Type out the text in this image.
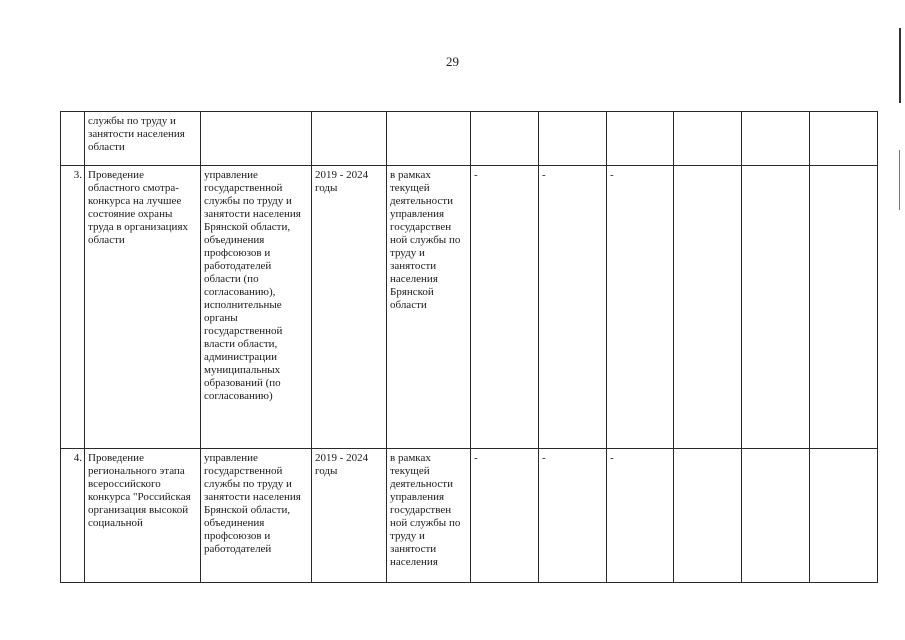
29
	службы по труду и занятости населения области									
3.	Проведение областного смотра-конкурса на лучшее состояние охраны труда в организациях области	управление государственной службы по труду и занятости населения Брянской области, объединения профсоюзов и работодателей области (по согласованию), исполнительные органы государственной власти области, администрации муниципальных образований (по согласованию)	2019 - 2024 годы	в рамках текущей деятельности управления государствен ной службы по труду и занятости населения Брянской области	-	-	-			
4.	Проведение регионального этапа всероссийского конкурса "Российская организация высокой социальной	управление государственной службы по труду и занятости населения Брянской области, объединения профсоюзов и работодателей	2019 - 2024 годы	в рамках текущей деятельности управления государствен ной службы по труду и занятости населения	-	-	-			
